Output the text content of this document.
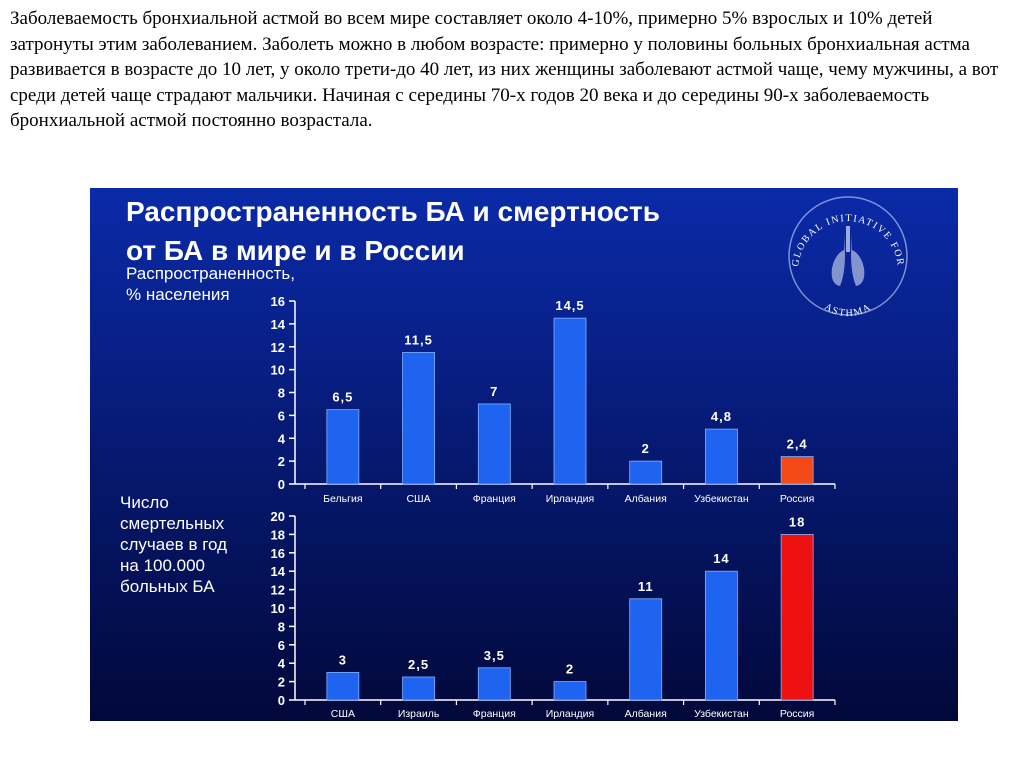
Заболеваемость бронхиальной астмой во всем мире составляет около 4-10%, примерно 5% взрослых и 10% детей затронуты этим заболеванием. Заболеть можно в любом возрасте: примерно у половины больных бронхиальная астма развивается в возрасте до 10 лет, у около трети-до 40 лет, из них женщины заболевают астмой чаще, чему мужчины, а вот среди детей чаще страдают мальчики. Начиная с середины 70-х годов 20 века и до середины 90-х заболеваемость бронхиальной астмой постоянно возрастала.

Распространенность БА и смертность
от БА в мире и в России	GLOBAL INITIATIVE FOR
ASTHMA
Распространенность,
% населения
0
2
4
6
8
10
12
14
16
6,5
Бельгия
11,5
США
7
Франция
14,5
Ирландия
2
Албания
4,8
Узбекистан
2,4
Россия
Число
смертельных
случаев в год
на 100.000
больных БА
0
2
4
6
8
10
12
14
16
18
20
3
США
2,5
Израиль
3,5
Франция
2
Ирландия
11
Албания
14
Узбекистан
18
Россия
